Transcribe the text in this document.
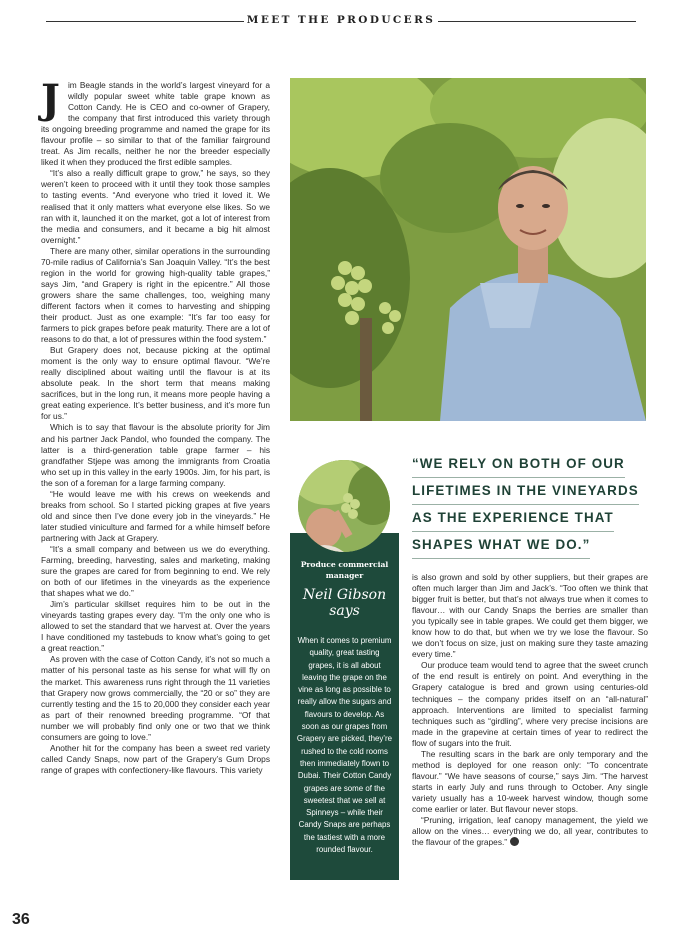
MEET THE PRODUCERS
J im Beagle stands in the world’s largest vineyard for a wildly popular sweet white table grape known as Cotton Candy. He is CEO and co-owner of Grapery, the company that first introduced this variety through its ongoing breeding programme and named the grape for its flavour profile – so similar to that of the familiar fairground treat. As Jim recalls, neither he nor the breeder especially liked it when they produced the first edible samples.

“It’s also a really difficult grape to grow,” he says, so they weren’t keen to proceed with it until they took those samples to tasting events. “And everyone who tried it loved it. We realised that it only matters what everyone else likes. So we ran with it, launched it on the market, got a lot of interest from the media and consumers, and it became a big hit almost overnight.”

There are many other, similar operations in the surrounding 70-mile radius of California’s San Joaquin Valley. “It’s the best region in the world for growing high-quality table grapes,” says Jim, “and Grapery is right in the epicentre.” All those growers share the same challenges, too, weighing many different factors when it comes to harvesting and shipping their product. Just as one example: “It’s far too easy for farmers to pick grapes before peak maturity. There are a lot of reasons to do that, a lot of pressures within the food system.”

But Grapery does not, because picking at the optimal moment is the only way to ensure optimal flavour. “We’re really disciplined about waiting until the flavour is at its absolute peak. In the short term that means making sacrifices, but in the long run, it means more people having a great eating experience. It’s better business, and it’s more fun for us.”

Which is to say that flavour is the absolute priority for Jim and his partner Jack Pandol, who founded the company. The latter is a third-generation table grape farmer – his grandfather Stjepe was among the immigrants from Croatia who set up in this valley in the early 1900s. Jim, for his part, is the son of a foreman for a large farming company.

“He would leave me with his crews on weekends and breaks from school. So I started picking grapes at five years old and since then I’ve done every job in the vineyards.” He later studied viniculture and farmed for a while himself before partnering with Jack at Grapery.

“It’s a small company and between us we do everything. Farming, breeding, harvesting, sales and marketing, making sure the grapes are cared for from beginning to end. We rely on both of our lifetimes in the vineyards as the experience that shapes what we do.”

Jim’s particular skillset requires him to be out in the vineyards tasting grapes every day. “I’m the only one who is allowed to set the standard that we harvest at. Over the years I have conditioned my tastebuds to know what’s going to get a great reaction.”

As proven with the case of Cotton Candy, it’s not so much a matter of his personal taste as his sense for what will fly on the market. This awareness runs right through the 11 varieties that Grapery now grows commercially, the “20 or so” they are currently testing and the 15 to 20,000 they consider each year as part of their renowned breeding programme. “Of that number we will probably find only one or two that we think consumers are going to love.”

Another hit for the company has been a sweet red variety called Candy Snaps, now part of the Grapery’s Gum Drops range of grapes with confectionery-like flavours. This variety

“WE RELY ON BOTH OF OUR
LIFETIMES IN THE VINEYARDS
AS THE EXPERIENCE THAT
SHAPES WHAT WE DO.”
Produce commercial manager
Neil Gibson says
When it comes to premium quality, great tasting grapes, it is all about leaving the grape on the vine as long as possible to really allow the sugars and flavours to develop. As soon as our grapes from Grapery are picked, they’re rushed to the cold rooms then immediately flown to Dubai. Their Cotton Candy grapes are some of the sweetest that we sell at Spinneys – while their Candy Snaps are perhaps the tastiest with a more rounded flavour.

is also grown and sold by other suppliers, but their grapes are often much larger than Jim and Jack’s. “Too often we think that bigger fruit is better, but that’s not always true when it comes to flavour… with our Candy Snaps the berries are smaller than you typically see in table grapes. We could get them bigger, we know how to do that, but when we try we lose the flavour. So we don’t focus on size, just on making sure they taste amazing every time.”

Our produce team would tend to agree that the sweet crunch of the end result is entirely on point. And everything in the Grapery catalogue is bred and grown using centuries-old techniques – the company prides itself on an “all-natural” approach. Interventions are limited to specialist farming techniques such as “girdling”, where very precise incisions are made in the grapevine at certain times of year to redirect the flow of sugars into the fruit.

The resulting scars in the bark are only temporary and the method is deployed for one reason only: “To concentrate flavour.” “We have seasons of course,” says Jim. “The harvest starts in early July and runs through to October. Any single variety usually has a 10-week harvest window, though some come earlier or later. But flavour never stops.

“Pruning, irrigation, leaf canopy management, the yield we allow on the vines… everything we do, all year, contributes to the flavour of the grapes.”

36
